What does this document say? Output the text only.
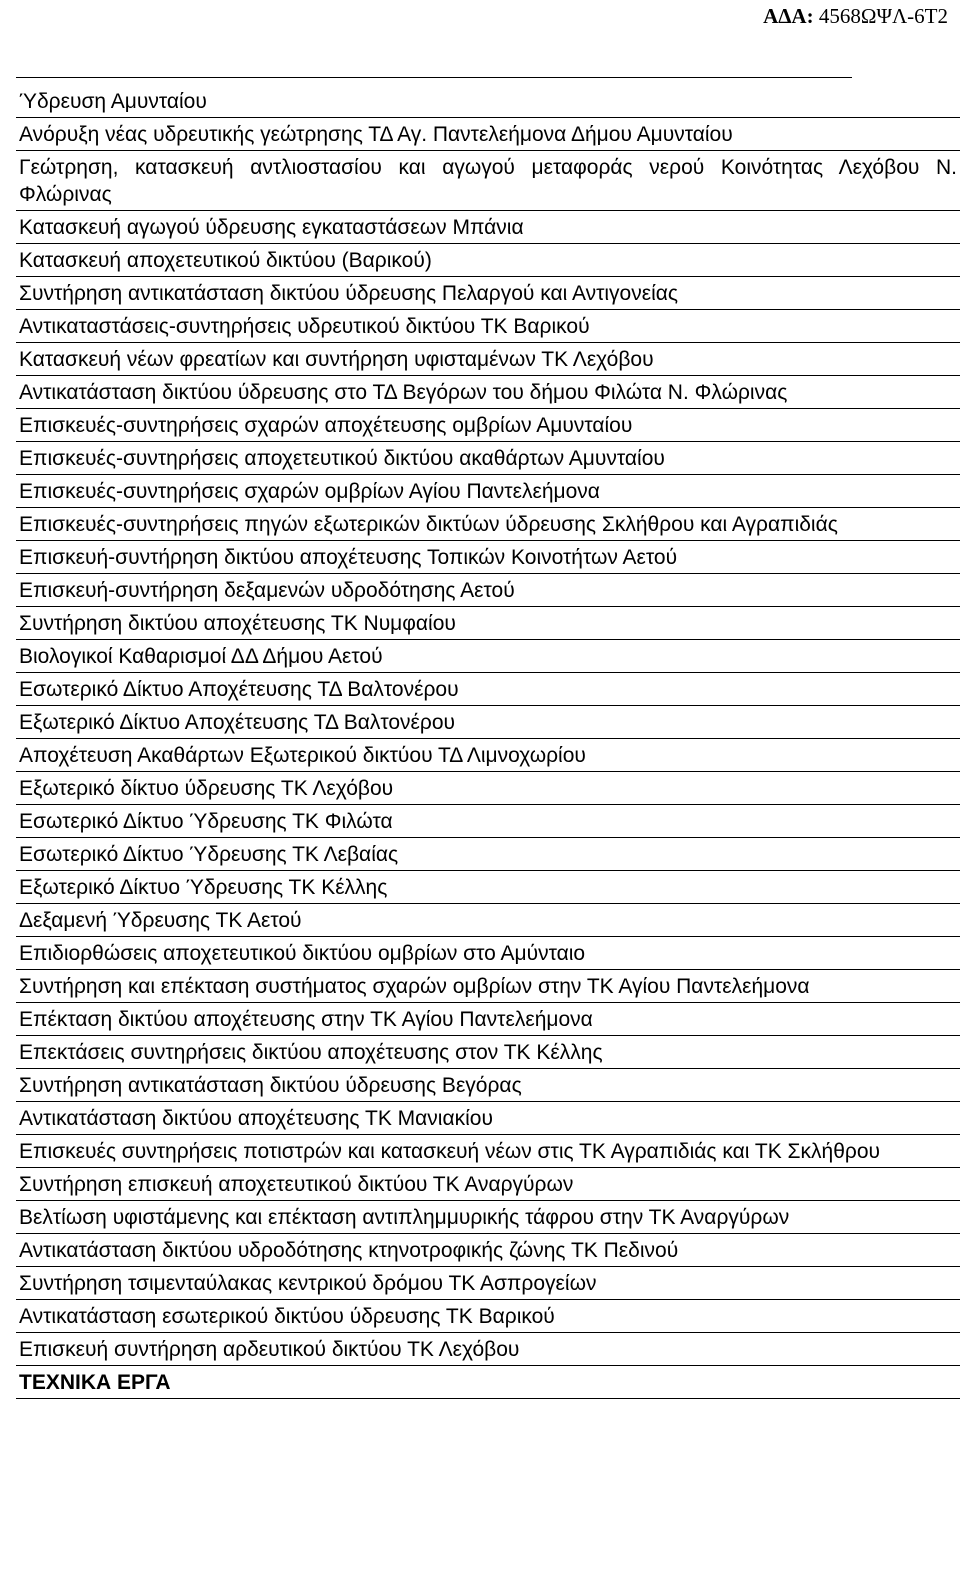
ΑΔΑ: 4568ΩΨΛ-6Τ2
Ύδρευση Αμυνταίου
Ανόρυξη νέας υδρευτικής γεώτρησης ΤΔ Αγ. Παντελεήμονα Δήμου Αμυνταίου
Γεώτρηση, κατασκευή αντλιοστασίου και αγωγού μεταφοράς νερού Κοινότητας Λεχόβου Ν. Φλώρινας
Κατασκευή αγωγού ύδρευσης εγκαταστάσεων Μπάνια
Κατασκευή αποχετευτικού δικτύου (Βαρικού)
Συντήρηση αντικατάσταση δικτύου ύδρευσης Πελαργού και Αντιγονείας
Αντικαταστάσεις-συντηρήσεις υδρευτικού δικτύου ΤΚ Βαρικού
Κατασκευή νέων φρεατίων και συντήρηση υφισταμένων ΤΚ Λεχόβου
Αντικατάσταση δικτύου ύδρευσης στο ΤΔ Βεγόρων του δήμου Φιλώτα Ν. Φλώρινας
Επισκευές-συντηρήσεις σχαρών αποχέτευσης ομβρίων Αμυνταίου
Επισκευές-συντηρήσεις αποχετευτικού δικτύου ακαθάρτων Αμυνταίου
Επισκευές-συντηρήσεις σχαρών ομβρίων Αγίου Παντελεήμονα
Επισκευές-συντηρήσεις πηγών εξωτερικών δικτύων ύδρευσης Σκλήθρου και Αγραπιδιάς
Επισκευή-συντήρηση δικτύου αποχέτευσης Τοπικών Κοινοτήτων Αετού
Επισκευή-συντήρηση δεξαμενών υδροδότησης Αετού
Συντήρηση δικτύου αποχέτευσης ΤΚ Νυμφαίου
Βιολογικοί Καθαρισμοί ΔΔ Δήμου Αετού
Εσωτερικό Δίκτυο Αποχέτευσης ΤΔ Βαλτονέρου
Εξωτερικό Δίκτυο Αποχέτευσης ΤΔ Βαλτονέρου
Αποχέτευση Ακαθάρτων Εξωτερικού δικτύου ΤΔ Λιμνοχωρίου
Εξωτερικό δίκτυο ύδρευσης ΤΚ Λεχόβου
Εσωτερικό Δίκτυο Ύδρευσης ΤΚ Φιλώτα
Εσωτερικό Δίκτυο Ύδρευσης ΤΚ Λεβαίας
Εξωτερικό Δίκτυο Ύδρευσης ΤΚ Κέλλης
Δεξαμενή Ύδρευσης ΤΚ Αετού
Επιδιορθώσεις αποχετευτικού δικτύου ομβρίων στο Αμύνταιο
Συντήρηση και επέκταση συστήματος σχαρών ομβρίων στην ΤΚ Αγίου Παντελεήμονα
Επέκταση δικτύου αποχέτευσης στην ΤΚ Αγίου Παντελεήμονα
Επεκτάσεις συντηρήσεις δικτύου αποχέτευσης στον ΤΚ Κέλλης
Συντήρηση αντικατάσταση δικτύου ύδρευσης Βεγόρας
Αντικατάσταση δικτύου αποχέτευσης ΤΚ Μανιακίου
Επισκευές συντηρήσεις ποτιστρών και κατασκευή νέων στις ΤΚ Αγραπιδιάς και ΤΚ Σκλήθρου
Συντήρηση επισκευή αποχετευτικού δικτύου ΤΚ Αναργύρων
Βελτίωση υφιστάμενης και επέκταση αντιπλημμυρικής τάφρου στην ΤΚ Αναργύρων
Αντικατάσταση δικτύου υδροδότησης κτηνοτροφικής ζώνης ΤΚ Πεδινού
Συντήρηση τσιμενταύλακας κεντρικού δρόμου ΤΚ Ασπρογείων
Αντικατάσταση εσωτερικού δικτύου ύδρευσης ΤΚ Βαρικού
Επισκευή συντήρηση αρδευτικού δικτύου ΤΚ Λεχόβου
ΤΕΧΝΙΚΑ ΕΡΓΑ
